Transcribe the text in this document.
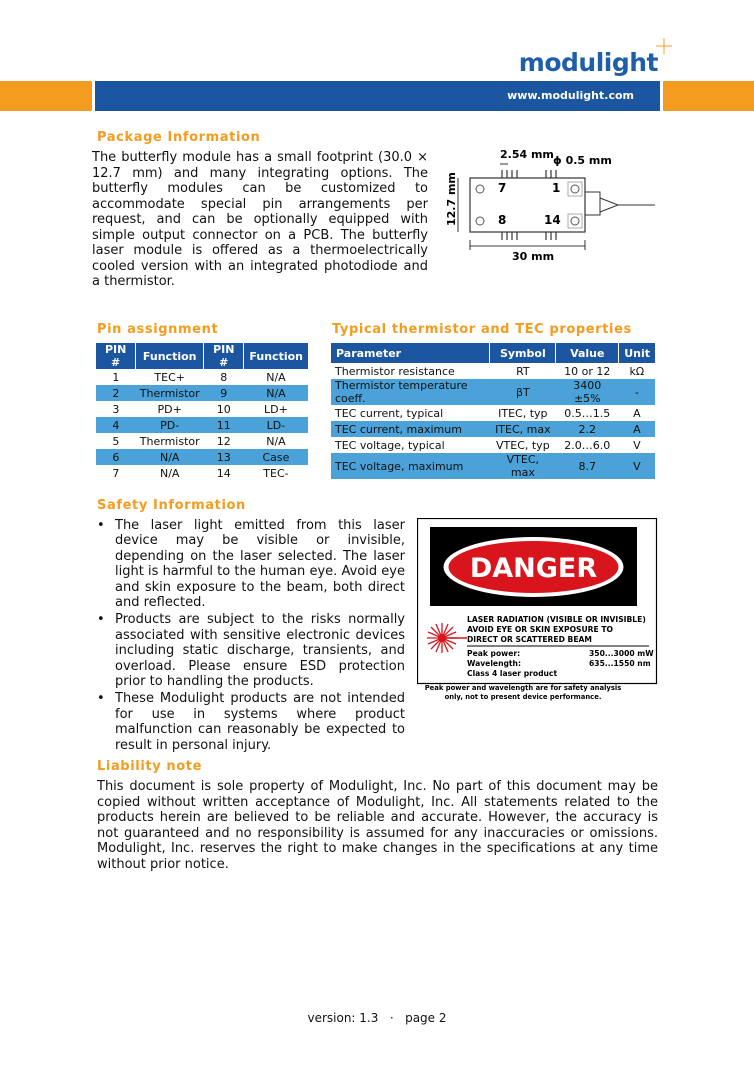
modulight
www.modulight.com
Package Information
The butterfly module has a small footprint (30.0 × 12.7 mm) and many integrating options. The butterfly modules can be customized to accommodate special pin arrangements per request, and can be optionally equipped with simple output connector on a PCB. The butterfly laser module is offered as a thermoelectrically cooled version with an integrated photodiode and a thermistor.
2.54 mm ϕ 0.5 mm
7	1
8	14
12.7 mm
30 mm
Pin assignment
PIN #	Function	PIN #	Function
1	TEC+	8	N/A
2	Thermistor	9	N/A
3	PD+	10	LD+
4	PD-	11	LD-
5	Thermistor	12	N/A
6	N/A	13	Case
7	N/A	14	TEC-
Typical thermistor and TEC properties
Parameter	Symbol	Value	Unit
Thermistor resistance	RT	10 or 12	kΩ
Thermistor temperature coeff.	βT	3400 ±5%	-
TEC current, typical	ITEC, typ	0.5…1.5	A
TEC current, maximum	ITEC, max	2.2	A
TEC voltage, typical	VTEC, typ	2.0…6.0	V
TEC voltage, maximum	VTEC, max	8.7	V
Safety Information
• The laser light emitted from this laser device may be visible or invisible, depending on the laser selected. The laser light is harmful to the human eye. Avoid eye and skin exposure to the beam, both direct and reflected.
• Products are subject to the risks normally associated with sensitive electronic devices including static discharge, transients, and overload. Please ensure ESD protection prior to handling the products.
• These Modulight products are not intended for use in systems where product malfunction can reasonably be expected to result in personal injury.
DANGER
LASER RADIATION (VISIBLE OR INVISIBLE)
AVOID EYE OR SKIN EXPOSURE TO
DIRECT OR SCATTERED BEAM
Peak power:	350...3000 mW
Wavelength:	635...1550 nm
Class 4 laser product
Peak power and wavelength are for safety analysis
only, not to present device performance.
Liability note
This document is sole property of Modulight, Inc. No part of this document may be copied without written acceptance of Modulight, Inc. All statements related to the products herein are believed to be reliable and accurate. However, the accuracy is not guaranteed and no responsibility is assumed for any inaccuracies or omissions. Modulight, Inc. reserves the right to make changes in the specifications at any time without prior notice.
version: 1.3   ·   page 2
